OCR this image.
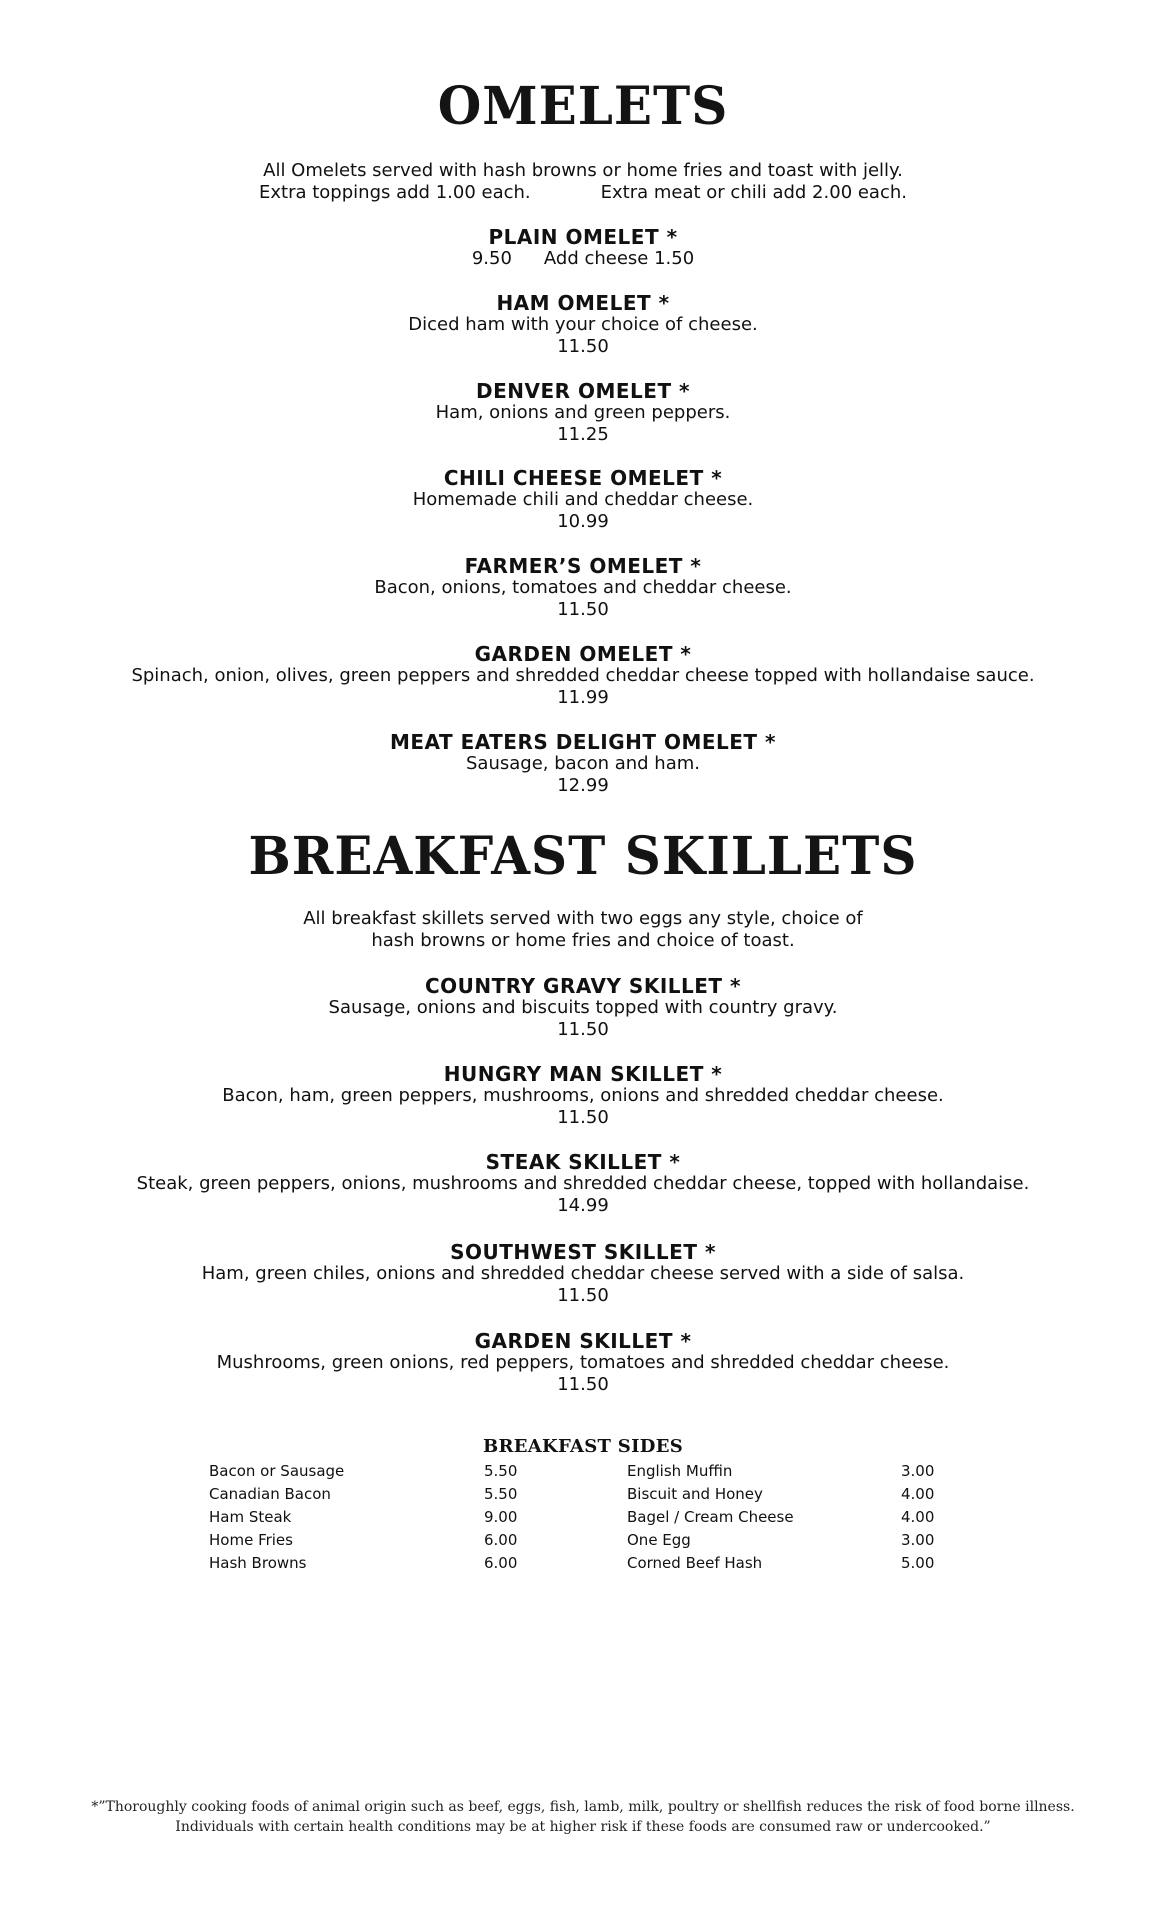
OMELETS
All Omelets served with hash browns or home fries and toast with jelly.
Extra toppings add 1.00 each.	Extra meat or chili add 2.00 each.
PLAIN OMELET *
9.50 Add cheese 1.50
HAM OMELET *
Diced ham with your choice of cheese.
11.50
DENVER OMELET *
Ham, onions and green peppers.
11.25
CHILI CHEESE OMELET *
Homemade chili and cheddar cheese.
10.99
FARMER’S OMELET *
Bacon, onions, tomatoes and cheddar cheese.
11.50
GARDEN OMELET *
Spinach, onion, olives, green peppers and shredded cheddar cheese topped with hollandaise sauce.
11.99
MEAT EATERS DELIGHT OMELET *
Sausage, bacon and ham.
12.99
BREAKFAST SKILLETS
All breakfast skillets served with two eggs any style, choice of
hash browns or home fries and choice of toast.
COUNTRY GRAVY SKILLET *
Sausage, onions and biscuits topped with country gravy.
11.50
HUNGRY MAN SKILLET *
Bacon, ham, green peppers, mushrooms, onions and shredded cheddar cheese.
11.50
STEAK SKILLET *
Steak, green peppers, onions, mushrooms and shredded cheddar cheese, topped with hollandaise.
14.99
SOUTHWEST SKILLET *
Ham, green chiles, onions and shredded cheddar cheese served with a side of salsa.
11.50
GARDEN SKILLET *
Mushrooms, green onions, red peppers, tomatoes and shredded cheddar cheese.
11.50
BREAKFAST SIDES
Bacon or Sausage	5.50	English Muffin	3.00
Canadian Bacon	5.50	Biscuit and Honey	4.00
Ham Steak	9.00	Bagel / Cream Cheese	4.00
Home Fries	6.00	One Egg	3.00
Hash Browns	6.00	Corned Beef Hash	5.00
*”Thoroughly cooking foods of animal origin such as beef, eggs, fish, lamb, milk, poultry or shellfish reduces the risk of food borne illness.
Individuals with certain health conditions may be at higher risk if these foods are consumed raw or undercooked.”
